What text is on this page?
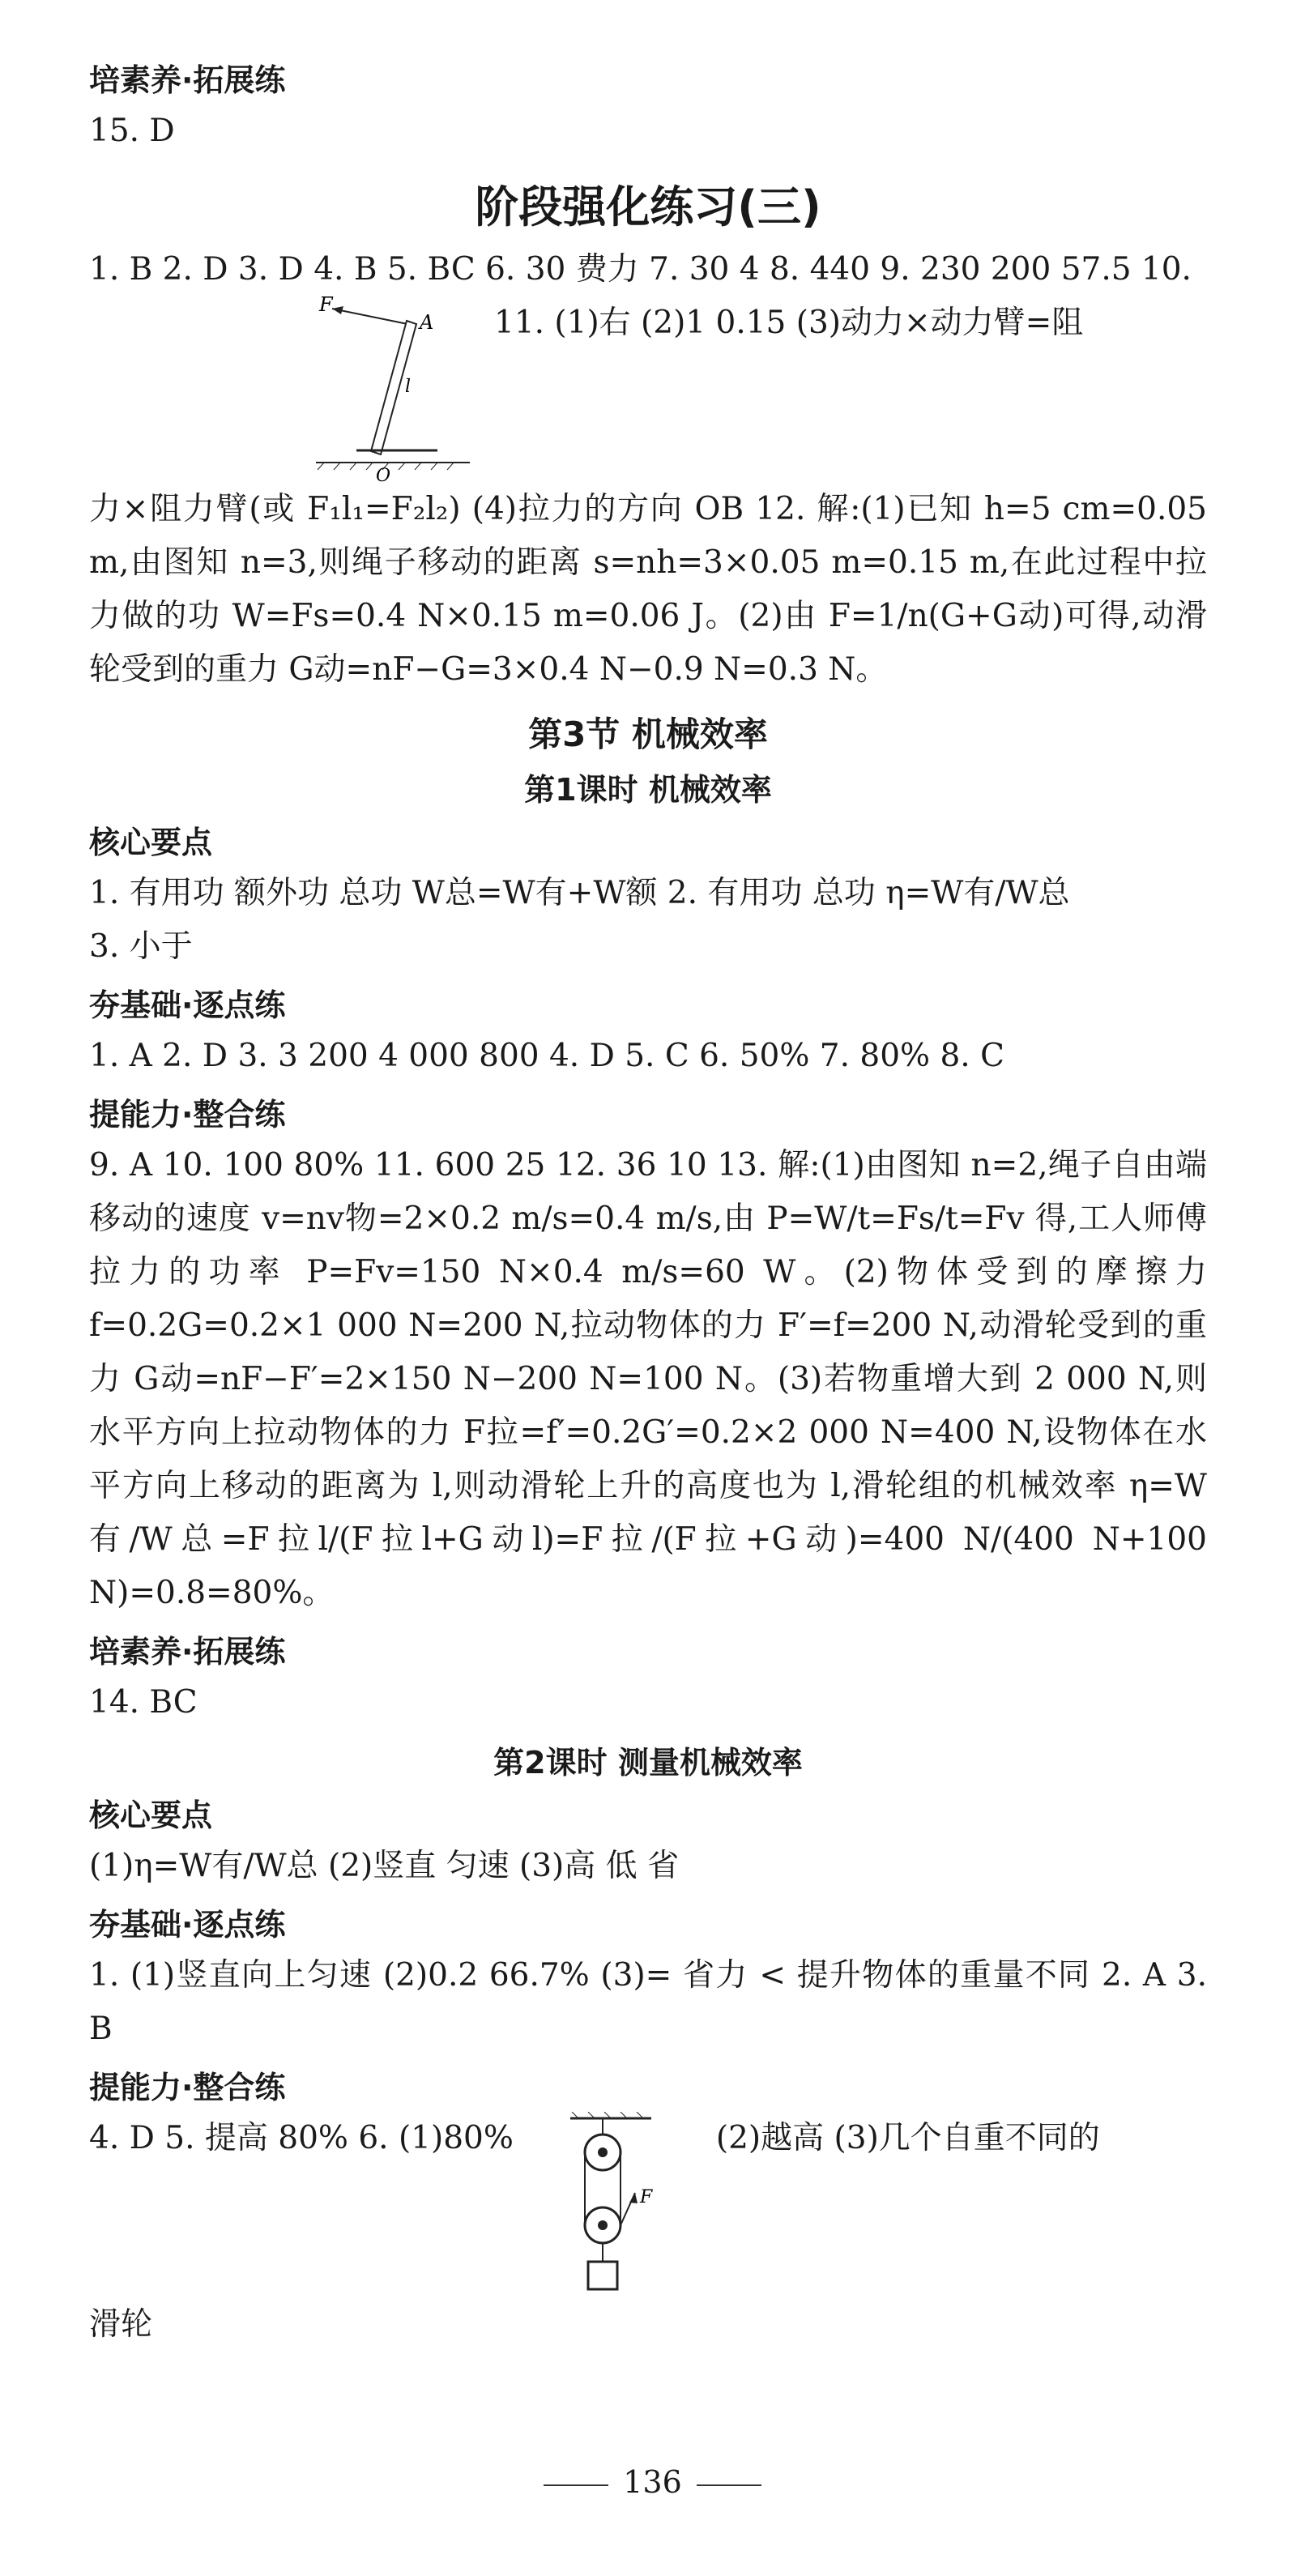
培素养·拓展练
15. D
阶段强化练习(三)
1. B 2. D 3. D 4. B 5. BC 6. 30 费力 7. 30 4 8. 440 9. 230 200 57.5 10.
F
A
l
O
11. (1)右 (2)1 0.15 (3)动力×动力臂=阻
力×阻力臂(或 F₁l₁=F₂l₂) (4)拉力的方向 OB 12. 解:(1)已知 h=5 cm=0.05 m,由图知 n=3,则绳子移动的距离 s=nh=3×0.05 m=0.15 m,在此过程中拉力做的功 W=Fs=0.4 N×0.15 m=0.06 J。(2)由 F=1/n(G+G动)可得,动滑轮受到的重力 G动=nF−G=3×0.4 N−0.9 N=0.3 N。
第3节 机械效率
第1课时 机械效率
核心要点
1. 有用功 额外功 总功 W总=W有+W额 2. 有用功 总功 η=W有/W总
3. 小于
夯基础·逐点练
1. A 2. D 3. 3 200 4 000 800 4. D 5. C 6. 50% 7. 80% 8. C
提能力·整合练
9. A 10. 100 80% 11. 600 25 12. 36 10 13. 解:(1)由图知 n=2,绳子自由端移动的速度 v=nv物=2×0.2 m/s=0.4 m/s,由 P=W/t=Fs/t=Fv 得,工人师傅拉力的功率 P=Fv=150 N×0.4 m/s=60 W。(2)物体受到的摩擦力 f=0.2G=0.2×1 000 N=200 N,拉动物体的力 F′=f=200 N,动滑轮受到的重力 G动=nF−F′=2×150 N−200 N=100 N。(3)若物重增大到 2 000 N,则水平方向上拉动物体的力 F拉=f′=0.2G′=0.2×2 000 N=400 N,设物体在水平方向上移动的距离为 l,则动滑轮上升的高度也为 l,滑轮组的机械效率 η=W有/W总=F拉l/(F拉l+G动l)=F拉/(F拉+G动)=400 N/(400 N+100 N)=0.8=80%。
培素养·拓展练
14. BC
第2课时 测量机械效率
核心要点
(1)η=W有/W总 (2)竖直 匀速 (3)高 低 省
夯基础·逐点练
1. (1)竖直向上匀速 (2)0.2 66.7% (3)= 省力 < 提升物体的重量不同 2. A 3. B
提能力·整合练
4. D 5. 提高 80% 6. (1)80%
F
(2)越高 (3)几个自重不同的
滑轮
136
